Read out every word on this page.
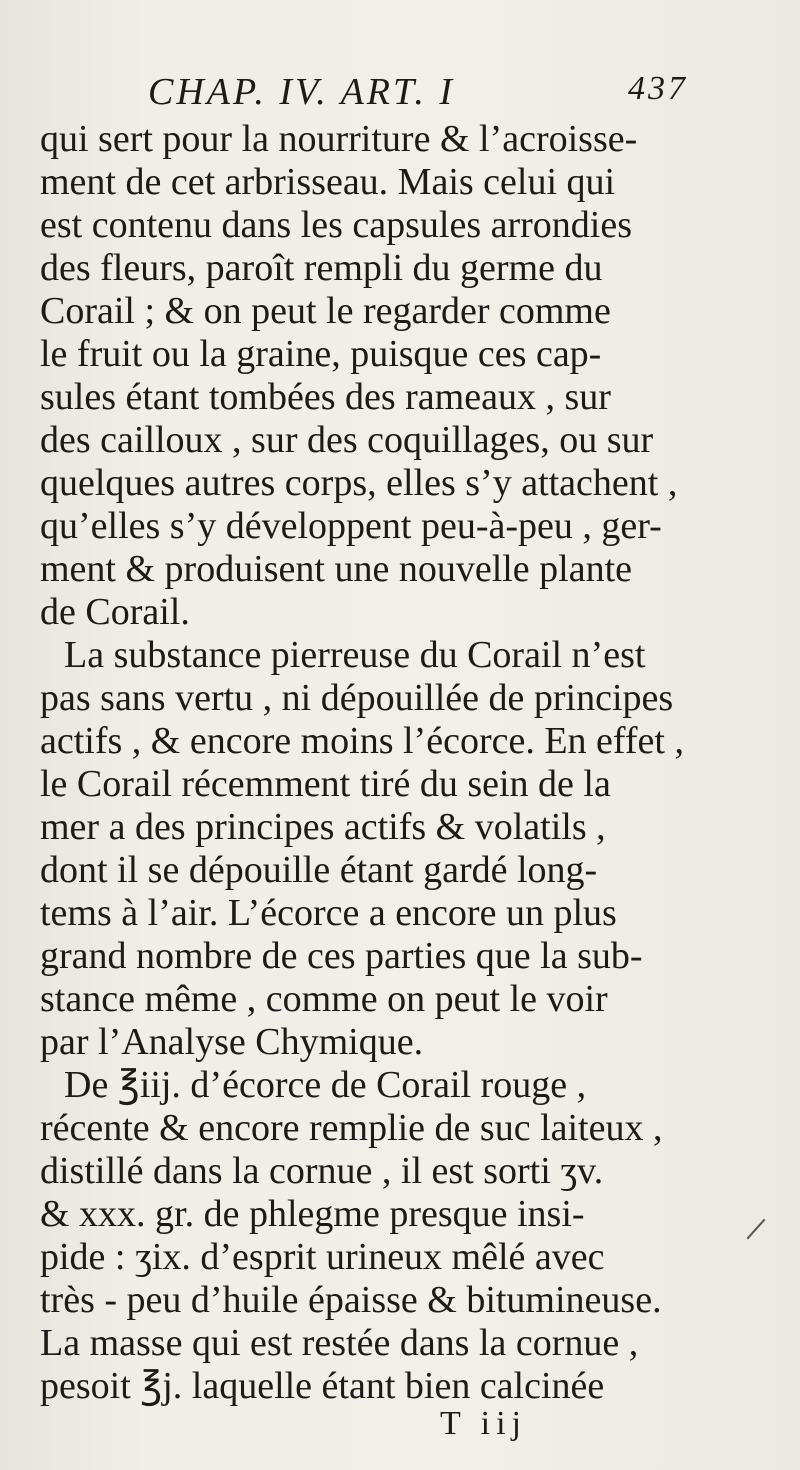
CHAP. IV. ART. I	437
qui sert pour la nourriture & l’acroisse-
ment de cet arbrisseau. Mais celui qui
est contenu dans les capsules arrondies
des fleurs, paroît rempli du germe du
Corail ; & on peut le regarder comme
le fruit ou la graine, puisque ces cap-
sules étant tombées des rameaux , sur
des cailloux , sur des coquillages, ou sur
quelques autres corps, elles s’y attachent ,
qu’elles s’y développent peu-à-peu , ger-
ment & produisent une nouvelle plante
de Corail.
La substance pierreuse du Corail n’est
pas sans vertu , ni dépouillée de principes
actifs , & encore moins l’écorce. En effet ,
le Corail récemment tiré du sein de la
mer a des principes actifs & volatils ,
dont il se dépouille étant gardé long-
tems à l’air. L’écorce a encore un plus
grand nombre de ces parties que la sub-
stance même , comme on peut le voir
par l’Analyse Chymique.
De ℥iij. d’écorce de Corail rouge ,
récente & encore remplie de suc laiteux ,
distillé dans la cornue , il est sorti ʒv.
& xxx. gr. de phlegme presque insi-
pide : ʒix. d’esprit urineux mêlé avec
très - peu d’huile épaisse & bitumineuse.
La masse qui est restée dans la cornue ,
pesoit ℥j. laquelle étant bien calcinée
T iij
